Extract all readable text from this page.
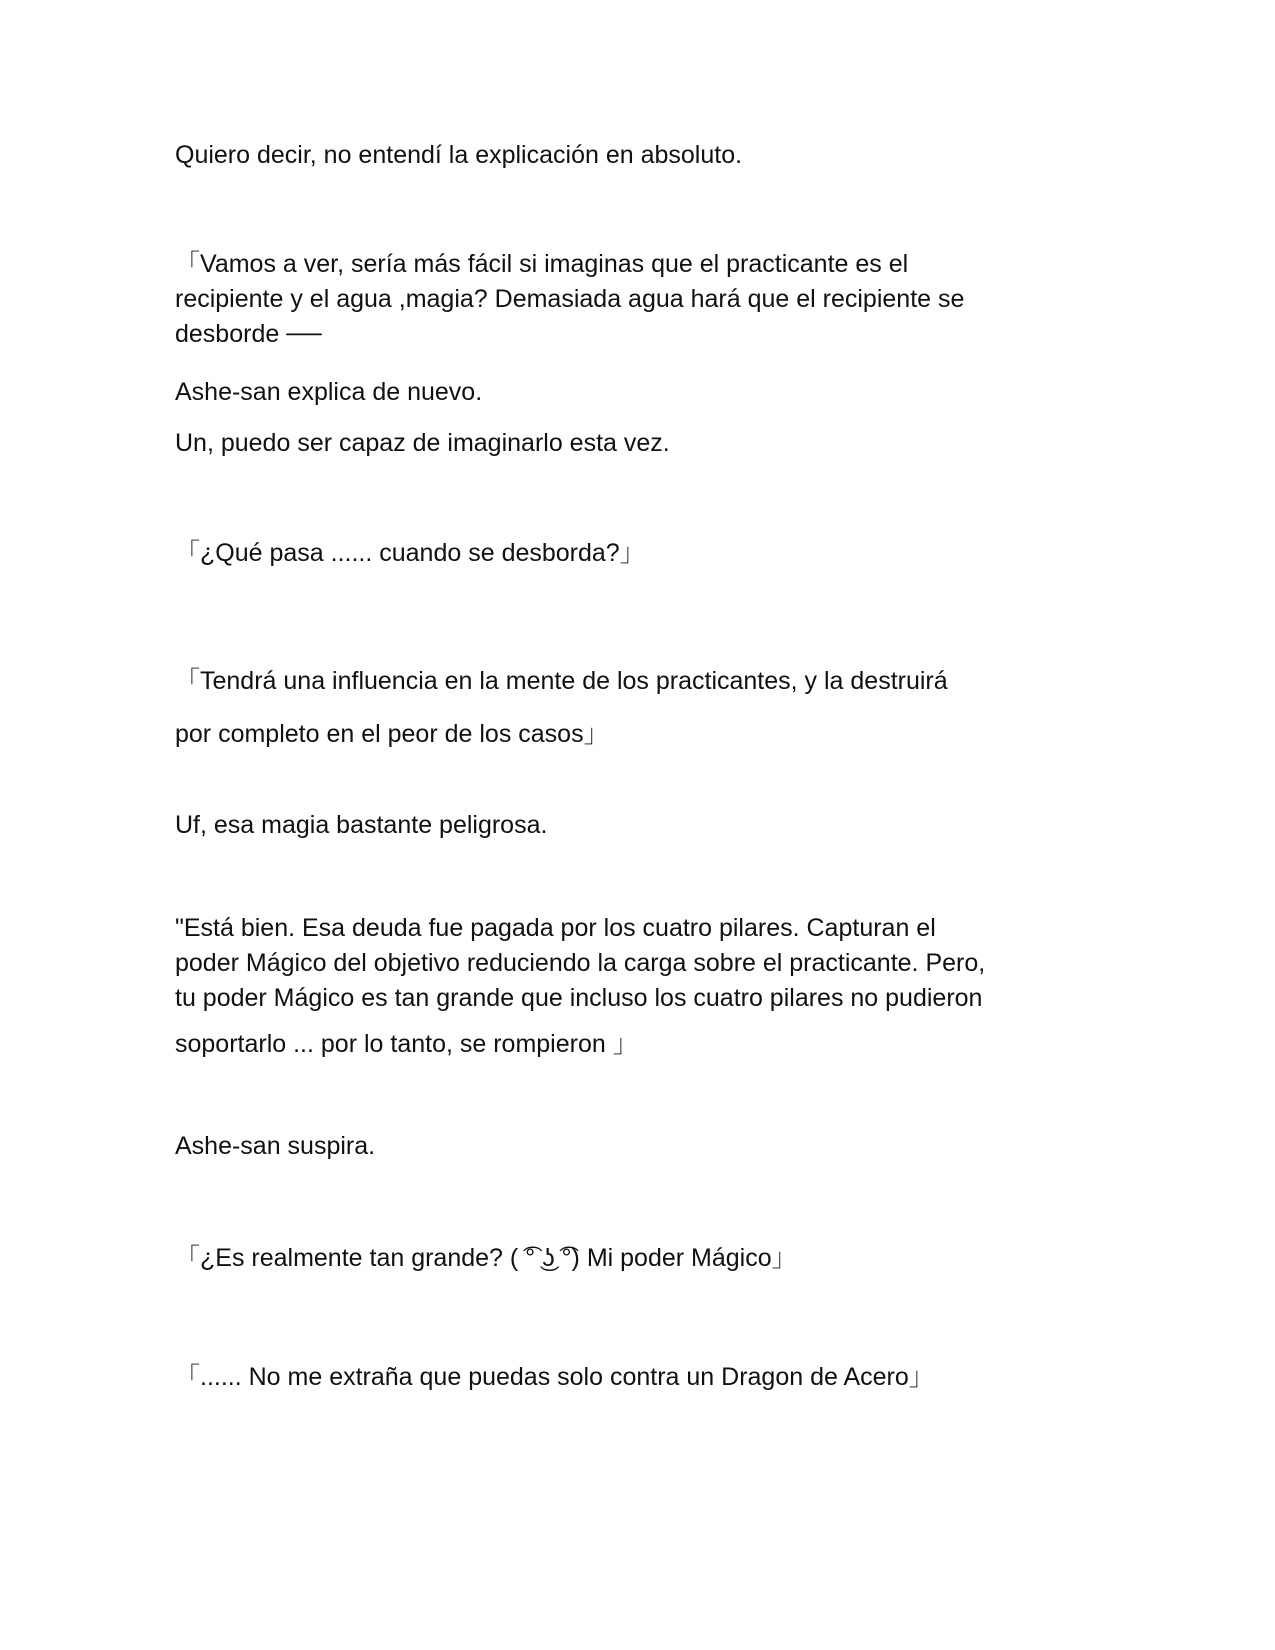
Quiero decir, no entendí la explicación en absoluto.

「Vamos a ver, sería más fácil si imaginas que el practicante es el
recipiente y el agua ,magia? Demasiada agua hará que el recipiente se
desborde ──

Ashe-san explica de nuevo.

Un, puedo ser capaz de imaginarlo esta vez.

「¿Qué pasa ...... cuando se desborda?」

「Tendrá una influencia en la mente de los practicantes, y la destruirá
por completo en el peor de los casos」

Uf, esa magia bastante peligrosa.

"Está bien. Esa deuda fue pagada por los cuatro pilares. Capturan el
poder Mágico del objetivo reduciendo la carga sobre el practicante. Pero,
tu poder Mágico es tan grande que incluso los cuatro pilares no pudieron
soportarlo ... por lo tanto, se rompieron 」

Ashe-san suspira.

「¿Es realmente tan grande? ( ͡° ͜ʖ ͡°) Mi poder Mágico」

「...... No me extraña que puedas solo contra un Dragon de Acero」
